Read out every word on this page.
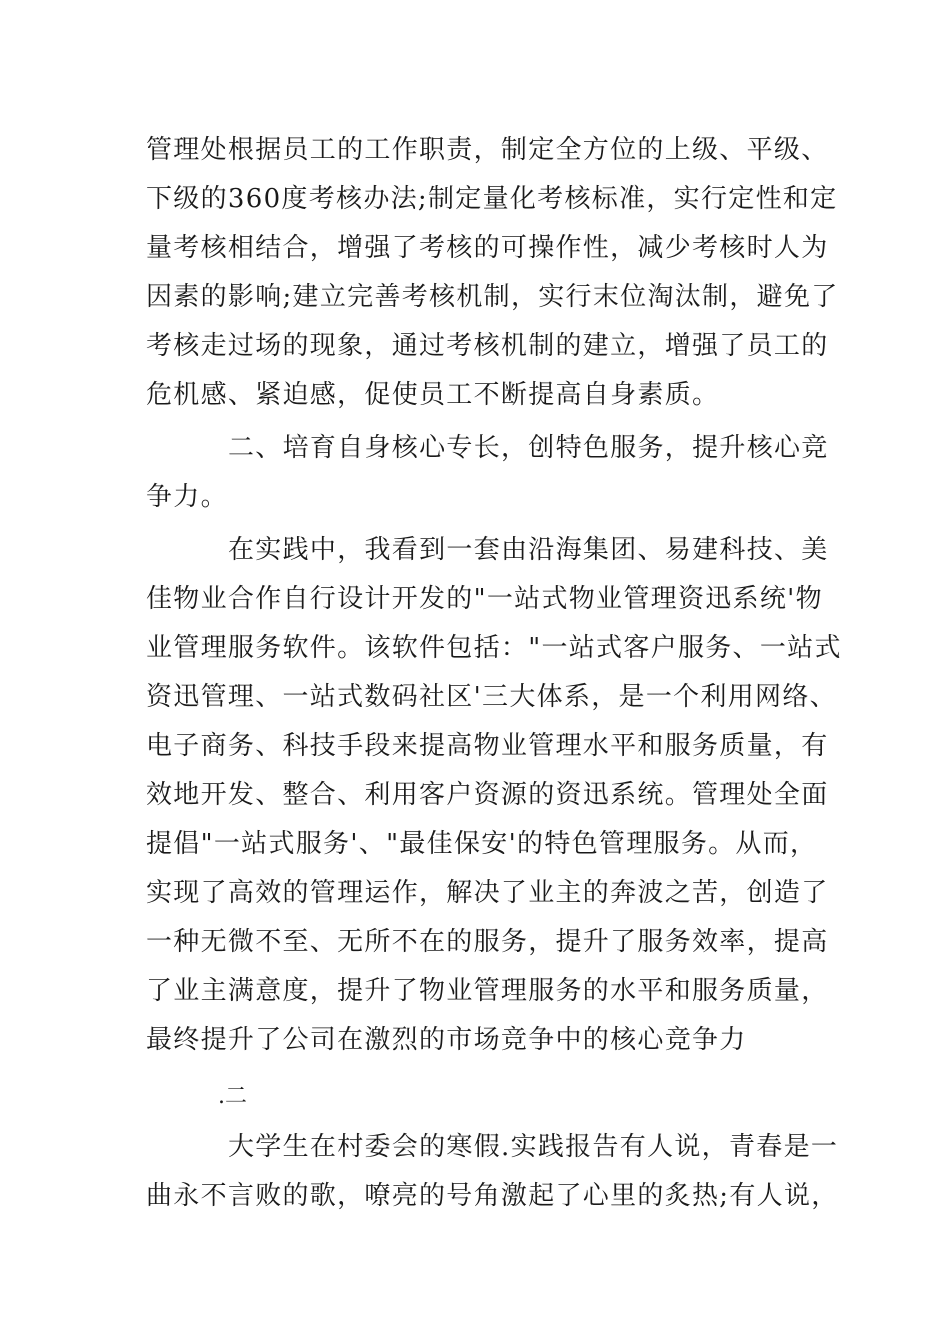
管理处根据员工的工作职责，制定全方位的上级、平级、
下级的360度考核办法;制定量化考核标准，实行定性和定
量考核相结合，增强了考核的可操作性，减少考核时人为
因素的影响;建立完善考核机制，实行末位淘汰制，避免了
考核走过场的现象，通过考核机制的建立，增强了员工的
危机感、紧迫感，促使员工不断提高自身素质。
二、培育自身核心专长，创特色服务，提升核心竞
争力。
在实践中，我看到一套由沿海集团、易建科技、美
佳物业合作自行设计开发的"一站式物业管理资迅系统'物
业管理服务软件。该软件包括："一站式客户服务、一站式
资迅管理、一站式数码社区'三大体系，是一个利用网络、
电子商务、科技手段来提高物业管理水平和服务质量，有
效地开发、整合、利用客户资源的资迅系统。管理处全面
提倡"一站式服务'、"最佳保安'的特色管理服务。从而，
实现了高效的管理运作，解决了业主的奔波之苦，创造了
一种无微不至、无所不在的服务，提升了服务效率，提高
了业主满意度，提升了物业管理服务的水平和服务质量，
最终提升了公司在激烈的市场竞争中的核心竞争力
.二
大学生在村委会的寒假.实践报告有人说，青春是一
曲永不言败的歌，嘹亮的号角激起了心里的炙热;有人说，
